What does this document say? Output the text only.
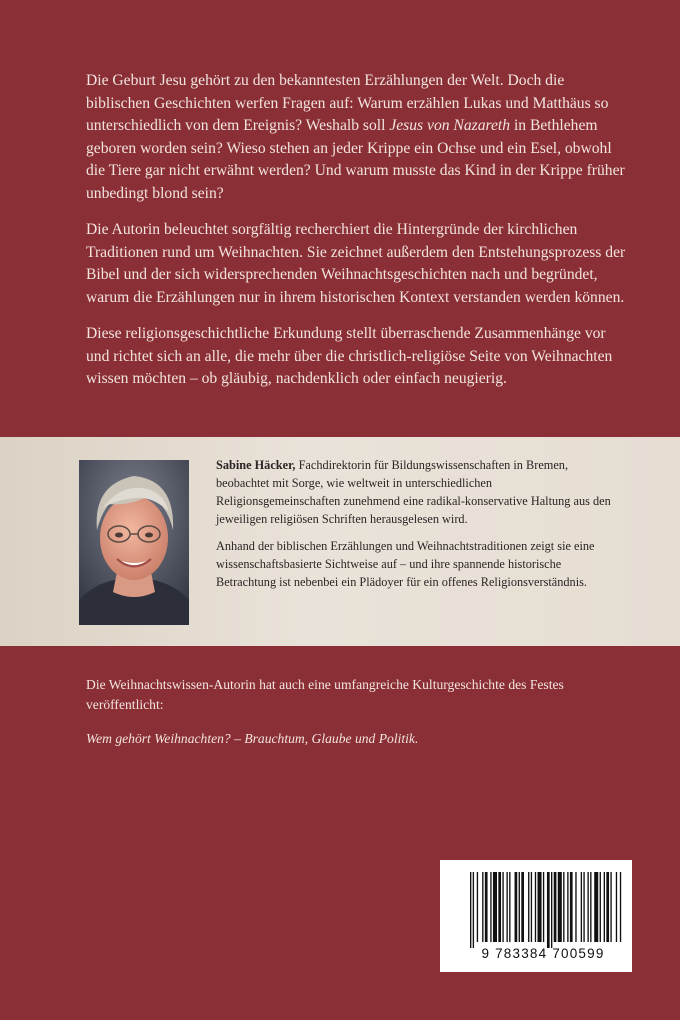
Die Geburt Jesu gehört zu den bekanntesten Erzählungen der Welt. Doch die biblischen Geschichten werfen Fragen auf: Warum erzählen Lukas und Matthäus so unterschiedlich von dem Ereignis? Weshalb soll Jesus von Nazareth in Bethlehem geboren worden sein? Wieso stehen an jeder Krippe ein Ochse und ein Esel, obwohl die Tiere gar nicht erwähnt werden? Und warum musste das Kind in der Krippe früher unbedingt blond sein?

Die Autorin beleuchtet sorgfältig recherchiert die Hintergründe der kirchlichen Traditionen rund um Weihnachten. Sie zeichnet außerdem den Entstehungsprozess der Bibel und der sich widersprechenden Weihnachtsgeschichten nach und begründet, warum die Erzählungen nur in ihrem historischen Kontext verstanden werden können.

Diese religionsgeschichtliche Erkundung stellt überraschende Zusammenhänge vor und richtet sich an alle, die mehr über die christlich-religiöse Seite von Weihnachten wissen möchten – ob gläubig, nachdenklich oder einfach neugierig.

Sabine Häcker, Fachdirektorin für Bildungswissenschaften in Bremen, beobachtet mit Sorge, wie weltweit in unterschiedlichen Religionsgemeinschaften zunehmend eine radikal-konservative Haltung aus den jeweiligen religiösen Schriften herausgelesen wird.

Anhand der biblischen Erzählungen und Weihnachtstraditionen zeigt sie eine wissenschaftsbasierte Sichtweise auf – und ihre spannende historische Betrachtung ist nebenbei ein Plädoyer für ein offenes Religionsverständnis.

Die Weihnachtswissen-Autorin hat auch eine umfangreiche Kulturgeschichte des Festes veröffentlicht:

Wem gehört Weihnachten? – Brauchtum, Glaube und Politik.

9 783384 700599
